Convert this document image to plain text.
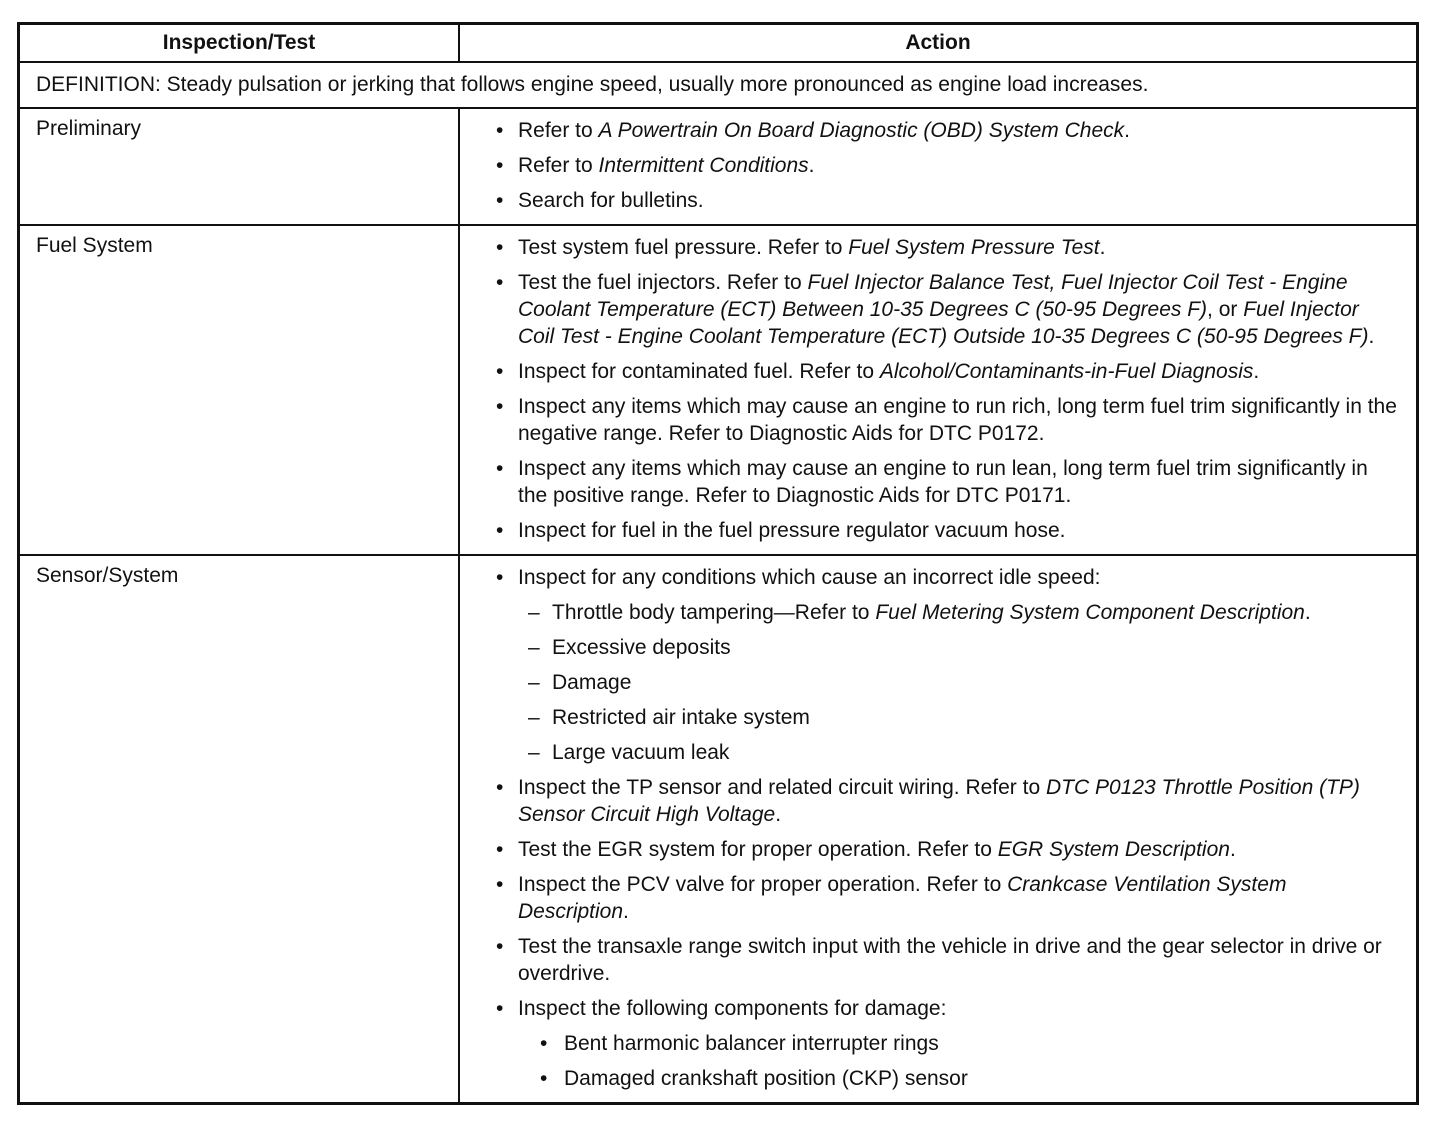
Inspection/Test	Action
DEFINITION: Steady pulsation or jerking that follows engine speed, usually more pronounced as engine load increases.
Preliminary	• Refer to A Powertrain On Board Diagnostic (OBD) System Check.
• Refer to Intermittent Conditions.
• Search for bulletins.
Fuel System	• Test system fuel pressure. Refer to Fuel System Pressure Test.
• Test the fuel injectors. Refer to Fuel Injector Balance Test, Fuel Injector Coil Test - Engine Coolant Temperature (ECT) Between 10-35 Degrees C (50-95 Degrees F), or Fuel Injector Coil Test - Engine Coolant Temperature (ECT) Outside 10-35 Degrees C (50-95 Degrees F).
• Inspect for contaminated fuel. Refer to Alcohol/Contaminants-in-Fuel Diagnosis.
• Inspect any items which may cause an engine to run rich, long term fuel trim significantly in the negative range. Refer to Diagnostic Aids for DTC P0172.
• Inspect any items which may cause an engine to run lean, long term fuel trim significantly in the positive range. Refer to Diagnostic Aids for DTC P0171.
• Inspect for fuel in the fuel pressure regulator vacuum hose.
Sensor/System	• Inspect for any conditions which cause an incorrect idle speed:
– Throttle body tampering—Refer to Fuel Metering System Component Description.
– Excessive deposits
– Damage
– Restricted air intake system
– Large vacuum leak
• Inspect the TP sensor and related circuit wiring. Refer to DTC P0123 Throttle Position (TP) Sensor Circuit High Voltage.
• Test the EGR system for proper operation. Refer to EGR System Description.
• Inspect the PCV valve for proper operation. Refer to Crankcase Ventilation System Description.
• Test the transaxle range switch input with the vehicle in drive and the gear selector in drive or overdrive.
• Inspect the following components for damage:
• Bent harmonic balancer interrupter rings
• Damaged crankshaft position (CKP) sensor
